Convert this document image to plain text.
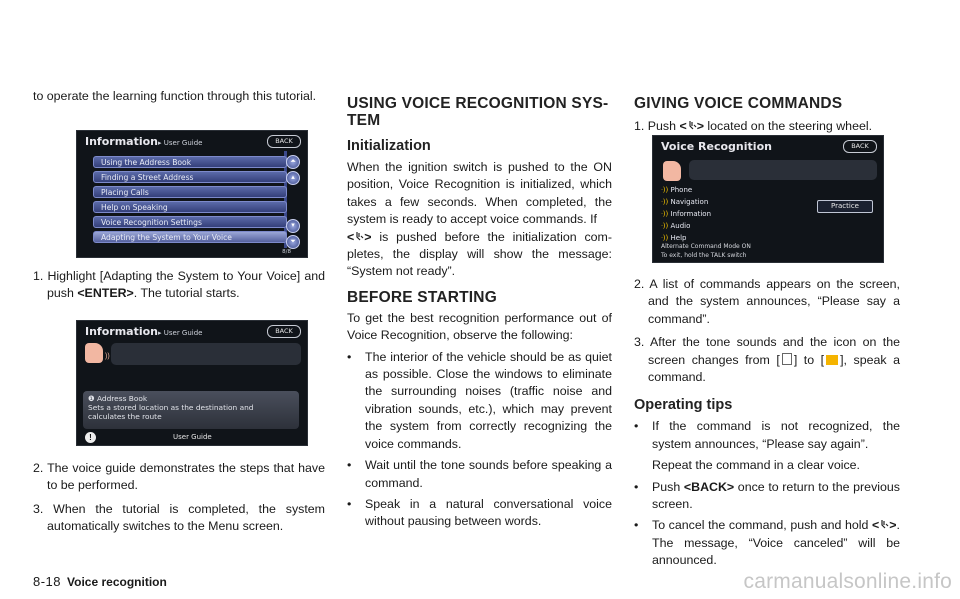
to operate the learning function through this tutorial.

Information▸ User Guide	BACK
Using the Address Book
Finding a Street Address
Placing Calls
Help on Speaking
Voice Recognition Settings
Adapting the System to Your Voice
⏶
▴
▾
⏷
8/8

1. Highlight [Adapting the System to Your Voice] and push <ENTER>. The tutorial starts.

Information▸ User Guide	BACK
))
❶ Address Book
Sets a stored location as the destination and
calculates the route
!	User Guide

2. The voice guide demonstrates the steps that have to be performed.

3. When the tutorial is completed, the system automatically switches to the Menu screen.

USING VOICE RECOGNITION SYS-TEM
Initialization

When the ignition switch is pushed to the ON position, Voice Recognition is initialized, which takes a few seconds. When completed, the system is ready to accept voice commands. If
< > is pushed before the initialization com-pletes, the display will show the message: “System not ready”.

BEFORE STARTING

To get the best recognition performance out of Voice Recognition, observe the following:

• The interior of the vehicle should be as quiet as possible. Close the windows to eliminate the surrounding noises (traffic noise and vibration sounds, etc.), which may prevent the system from correctly recognizing the voice commands.
• Wait until the tone sounds before speaking a command.
• Speak in a natural conversational voice without pausing between words.
GIVING VOICE COMMANDS

1. Push < > located on the steering wheel.

Voice Recognition	BACK
ᐧ)) Phone
ᐧ)) Navigation
ᐧ)) Information
ᐧ)) Audio
ᐧ)) Help
Practice
Alternate Command Mode ON
To exit, hold the TALK switch

2. A list of commands appears on the screen, and the system announces, “Please say a command”.

3. After the tone sounds and the icon on the screen changes from [ ] to [ ], speak a command.

Operating tips
• If the command is not recognized, the system announces, “Please say again”.

Repeat the command in a clear voice.

• Push <BACK> once to return to the previous screen.
• To cancel the command, push and hold < >. The message, “Voice canceled” will be announced.
8-18 Voice recognition	carmanualsonline.info
